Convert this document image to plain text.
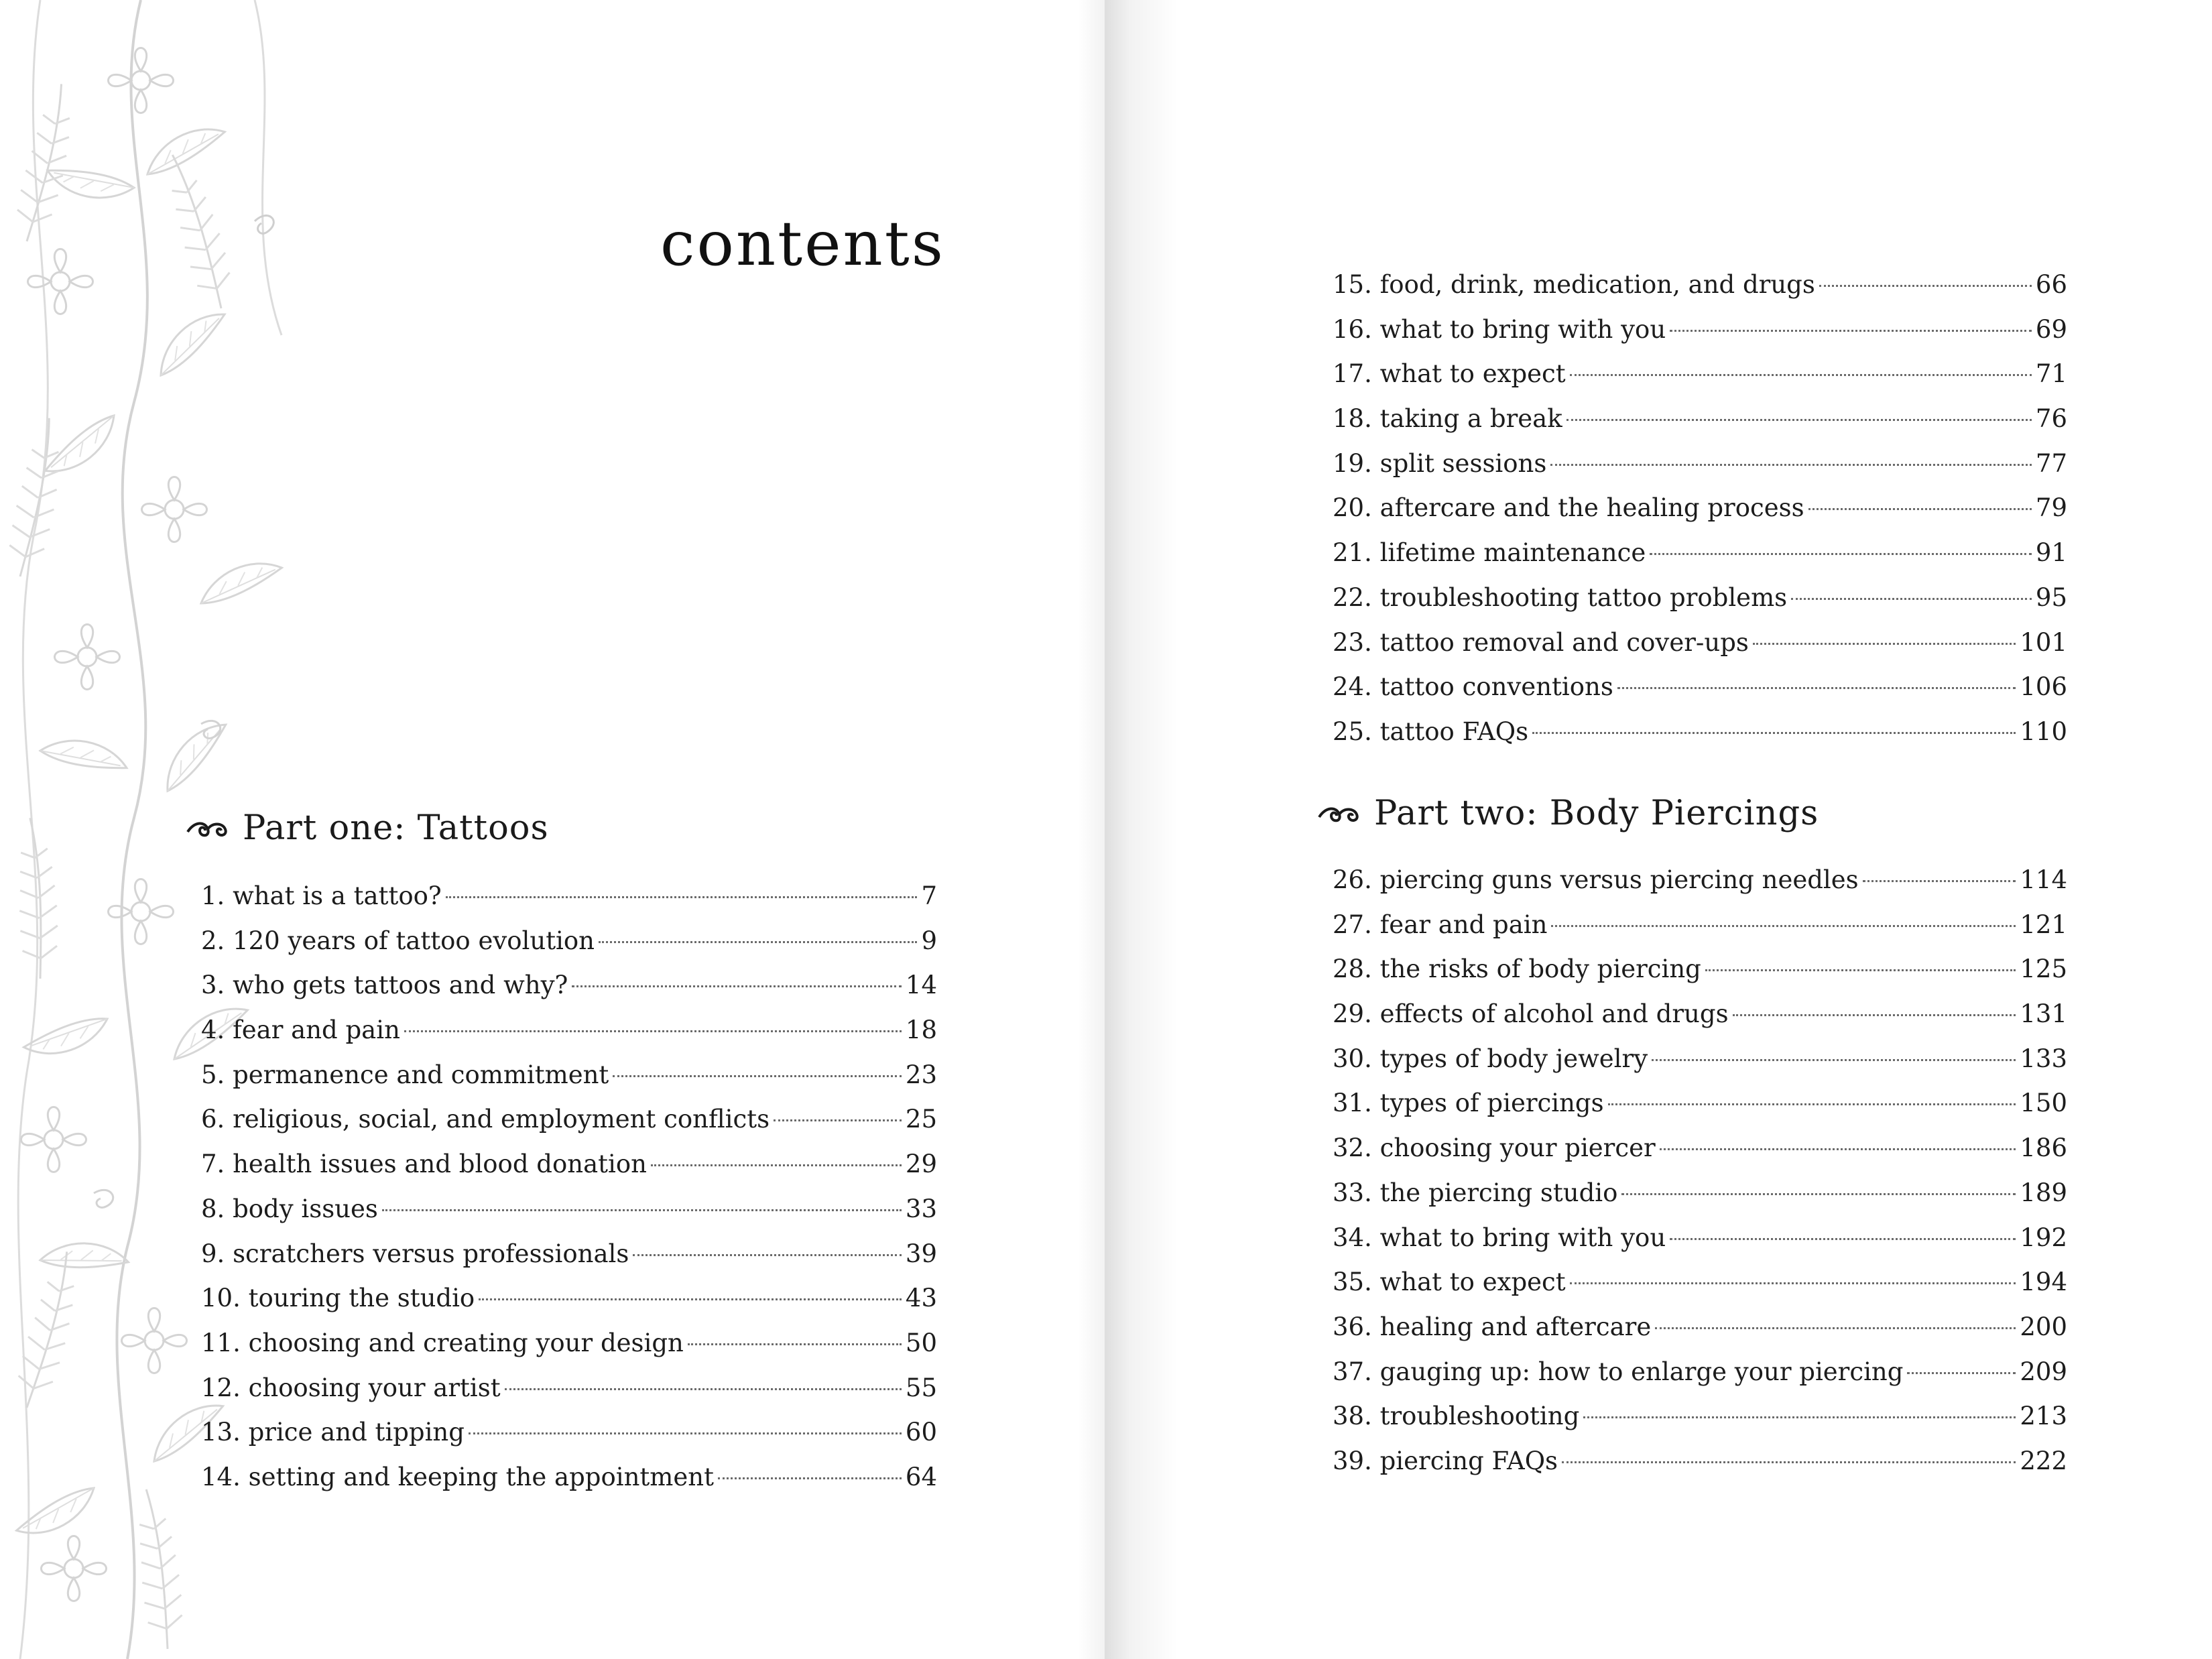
contents
Part one: Tattoos
1. what is a tattoo?	7
2. 120 years of tattoo evolution	9
3. who gets tattoos and why?	14
4. fear and pain	18
5. permanence and commitment	23
6. religious, social, and employment conflicts	25
7. health issues and blood donation	29
8. body issues	33
9. scratchers versus professionals	39
10. touring the studio	43
11. choosing and creating your design	50
12. choosing your artist	55
13. price and tipping	60
14. setting and keeping the appointment	64
15. food, drink, medication, and drugs	66
16. what to bring with you	69
17. what to expect	71
18. taking a break	76
19. split sessions	77
20. aftercare and the healing process	79
21. lifetime maintenance	91
22. troubleshooting tattoo problems	95
23. tattoo removal and cover-ups	101
24. tattoo conventions	106
25. tattoo FAQs	110
Part two: Body Piercings
26. piercing guns versus piercing needles	114
27. fear and pain	121
28. the risks of body piercing	125
29. effects of alcohol and drugs	131
30. types of body jewelry	133
31. types of piercings	150
32. choosing your piercer	186
33. the piercing studio	189
34. what to bring with you	192
35. what to expect	194
36. healing and aftercare	200
37. gauging up: how to enlarge your piercing	209
38. troubleshooting	213
39. piercing FAQs	222
